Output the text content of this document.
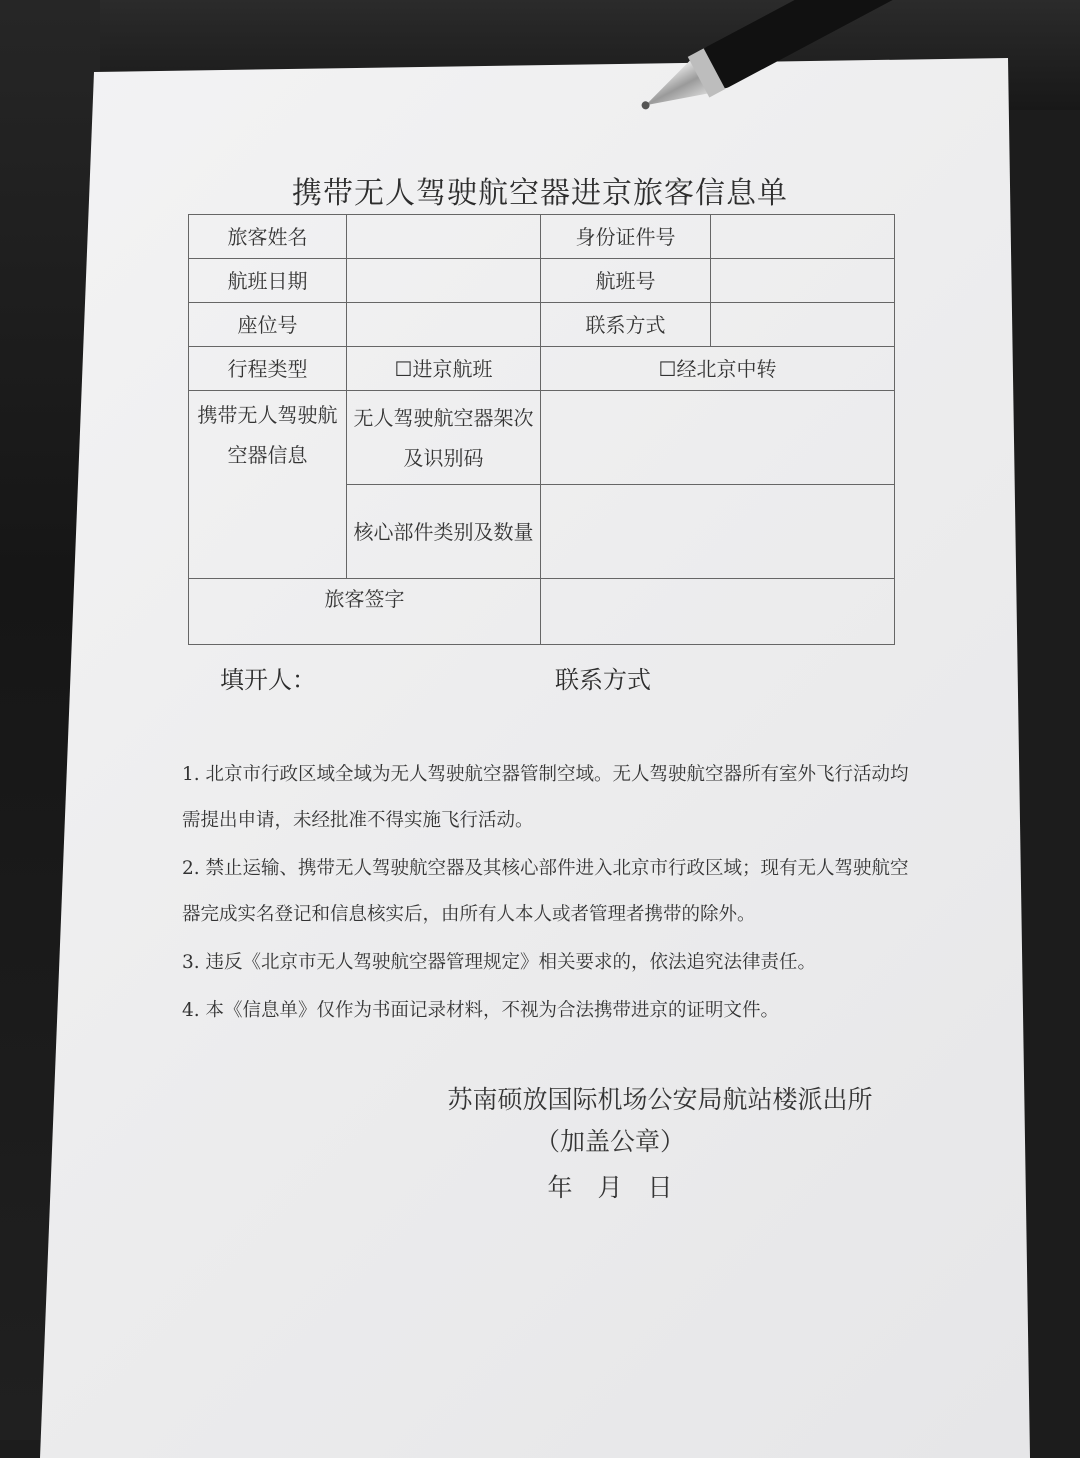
携带无人驾驶航空器进京旅客信息单
旅客姓名		身份证件号	
航班日期		航班号	
座位号		联系方式	
行程类型	☐进京航班	☐经北京中转	
携带无人驾驶航空器信息	无人驾驶航空器架次及识别码		
	核心部件类别及数量		
旅客签字			
填开人：	联系方式

1. 北京市行政区域全域为无人驾驶航空器管制空域。无人驾驶航空器所有室外飞行活动均需提出申请，未经批准不得实施飞行活动。

2. 禁止运输、携带无人驾驶航空器及其核心部件进入北京市行政区域；现有无人驾驶航空器完成实名登记和信息核实后，由所有人本人或者管理者携带的除外。

3. 违反《北京市无人驾驶航空器管理规定》相关要求的，依法追究法律责任。

4. 本《信息单》仅作为书面记录材料，不视为合法携带进京的证明文件。

苏南硕放国际机场公安局航站楼派出所
（加盖公章）
年　月　日
